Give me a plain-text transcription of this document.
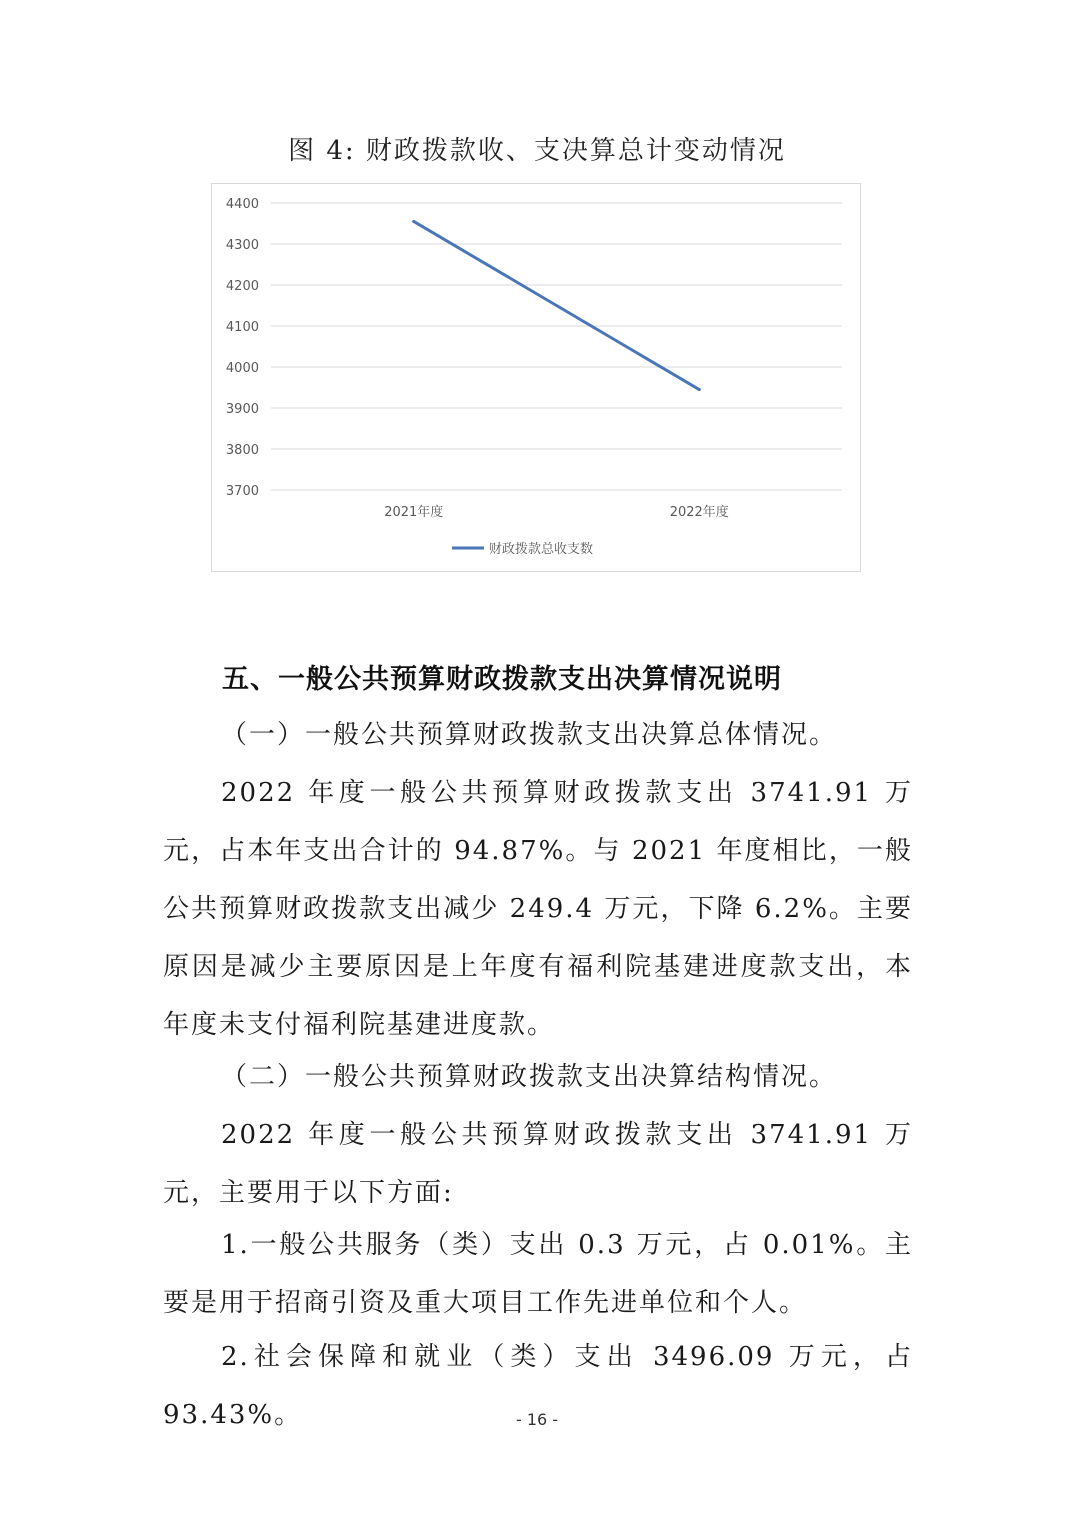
图 4: 财政拨款收、支决算总计变动情况
3700
3800
3900
4000
4100
4200
4300
4400
2021年度	2022年度
财政拨款总收支数
五、一般公共预算财政拨款支出决算情况说明
（一）一般公共预算财政拨款支出决算总体情况。
2022 年度一般公共预算财政拨款支出 3741.91 万元，占本年支出合计的 94.87%。与 2021 年度相比，一般公共预算财政拨款支出减少 249.4 万元，下降 6.2%。主要原因是减少主要原因是上年度有福利院基建进度款支出，本年度未支付福利院基建进度款。
（二）一般公共预算财政拨款支出决算结构情况。
2022 年度一般公共预算财政拨款支出 3741.91 万元，主要用于以下方面:
1.一般公共服务（类）支出 0.3 万元，占 0.01%。主要是用于招商引资及重大项目工作先进单位和个人。
2.社会保障和就业（类）支出 3496.09 万元，占 93.43%。	- 16 -
